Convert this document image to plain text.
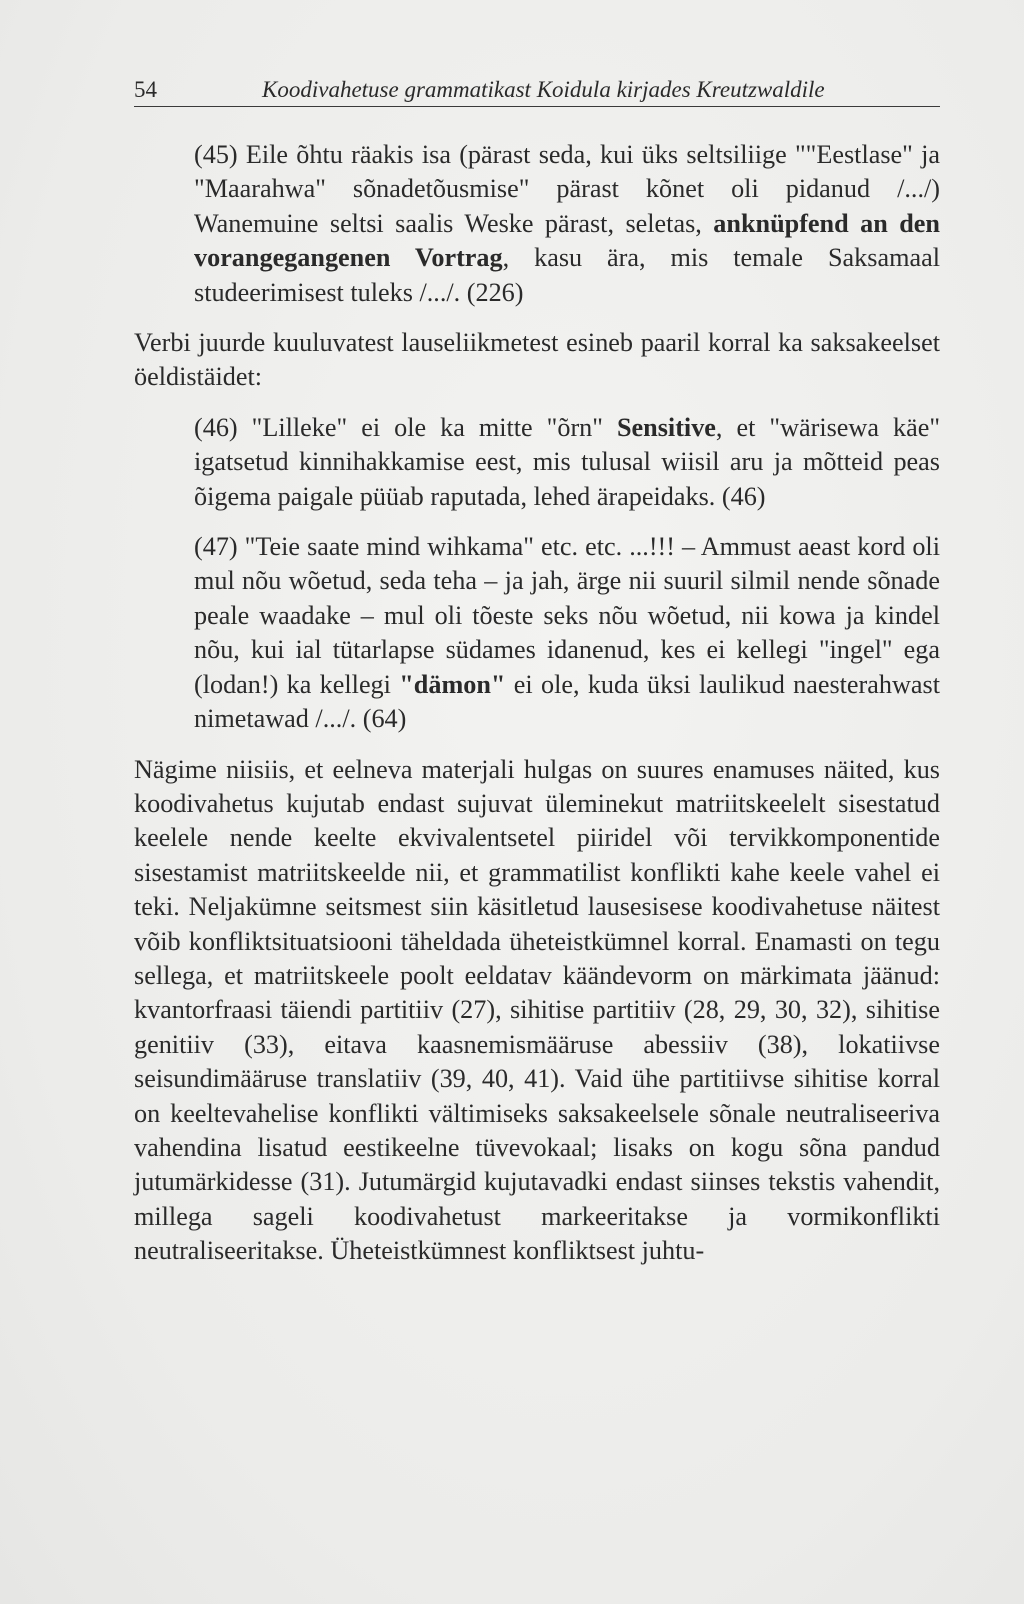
54	Koodivahetuse grammatikast Koidula kirjades Kreutzwaldile
(45) Eile õhtu räakis isa (pärast seda, kui üks seltsiliige ""Eestlase" ja "Maarahwa" sõnadetõusmise" pärast kõnet oli pidanud /.../) Wanemuine seltsi saalis Weske pärast, seletas, anknüpfend an den vorangegangenen Vortrag, kasu ära, mis temale Saksamaal studeerimisest tuleks /.../. (226)
Verbi juurde kuuluvatest lauseliikmetest esineb paaril korral ka saksakeelset öeldistäidet:
(46) "Lilleke" ei ole ka mitte "õrn" Sensitive, et "wärisewa käe" igatsetud kinnihakkamise eest, mis tulusal wiisil aru ja mõtteid peas õigema paigale püüab raputada, lehed ärapeidaks. (46)
(47) "Teie saate mind wihkama" etc. etc. ...!!! – Ammust aeast kord oli mul nõu wõetud, seda teha – ja jah, ärge nii suuril silmil nende sõnade peale waadake – mul oli tõeste seks nõu wõetud, nii kowa ja kindel nõu, kui ial tütarlapse südames idanenud, kes ei kellegi "ingel" ega (lodan!) ka kellegi "dämon" ei ole, kuda üksi laulikud naesterahwast nimetawad /.../. (64)
Nägime niisiis, et eelneva materjali hulgas on suures enamuses näited, kus koodivahetus kujutab endast sujuvat üleminekut matriitskeelelt sisestatud keelele nende keelte ekvivalentsetel piiridel või tervikkomponentide sisestamist matriitskeelde nii, et grammatilist konflikti kahe keele vahel ei teki. Neljakümne seitsmest siin käsitletud lausesisese koodivahetuse näitest võib konfliktsituatsiooni täheldada üheteistkümnel korral. Enamasti on tegu sellega, et matriitskeele poolt eeldatav käändevorm on märkimata jäänud: kvantorfraasi täiendi partitiiv (27), sihitise partitiiv (28, 29, 30, 32), sihitise genitiiv (33), eitava kaasnemismääruse abessiiv (38), lokatiivse seisundimääruse translatiiv (39, 40, 41). Vaid ühe partitiivse sihitise korral on keeltevahelise konflikti vältimiseks saksakeelsele sõnale neutraliseeriva vahendina lisatud eestikeelne tüvevokaal; lisaks on kogu sõna pandud jutumärkidesse (31). Jutumärgid kujutavadki endast siinses tekstis vahendit, millega sageli koodivahetust markeeritakse ja vormikonflikti neutraliseeritakse. Üheteistkümnest konfliktsest juhtu-
